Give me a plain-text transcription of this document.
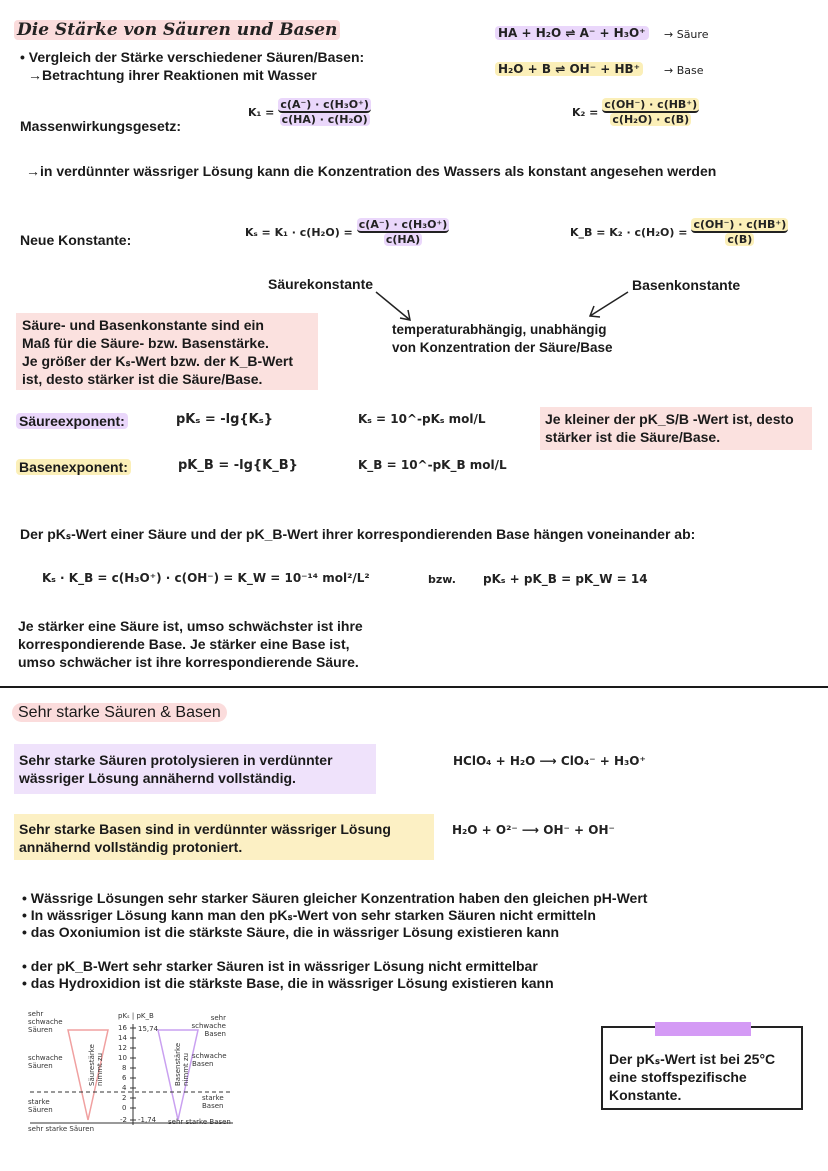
Die Stärke von Säuren und Basen
• Vergleich der Stärke verschiedener Säuren/Basen:
→Betrachtung ihrer Reaktionen mit Wasser
HA + H₂O ⇌ A⁻ + H₃O⁺ → Säure
H₂O + B ⇌ OH⁻ + HB⁺ → Base
Massenwirkungsgesetz:
$K_1 = \frac{\text{c(A⁻) · c(H₃O⁺)}}{\text{c(HA) · c(H₂O)}}$	$K_2 = \frac{c(OH^-) \cdot c(HB^+)}{\text{c(H₂O) · c(B)}}$
→in verdünnter wässriger Lösung kann die Konzentration des Wassers als konstant angesehen werden
Neue Konstante:	$K_s = K_1 \cdot c(H_2O) = \frac{\text{c(A⁻) · c(H₃O⁺)}}{c(HA)}$	K_B = $K_2 \cdot c(H_2O) = \frac{c(OH^-) \cdot c(HB^+)}{c(B)}$
Säurekonstante	Basenkonstante
temperaturabhängig, unabhängig
von Konzentration der Säure/Base
Säure- und Basenkonstante sind ein
Maß für die Säure- bzw. Basenstärke.
Je größer der Kₛ-Wert bzw. der K_B-Wert
ist, desto stärker ist die Säure/Base.
Säureexponent:	pKₛ = -lg{Kₛ}	Kₛ = 10^-pKₛ mol/L
Basenexponent:	pK_B = -lg{K_B}	K_B = 10^-pK_B mol/L
Je kleiner der pK_S/B -Wert ist, desto
stärker ist die Säure/Base.
Der pKₛ-Wert einer Säure und der pK_B-Wert ihrer korrespondierenden Base hängen voneinander ab:
Kₛ · K_B = c(H₃O⁺) · c(OH⁻) = K_W = 10⁻¹⁴ mol²/L²	bzw. pKₛ + pK_B = pK_W = 14
Je stärker eine Säure ist, umso schwächster ist ihre
korrespondierende Base. Je stärker eine Base ist,
umso schwächer ist ihre korrespondierende Säure.
Sehr starke Säuren & Basen
Sehr starke Säuren protolysieren in verdünnter
wässriger Lösung annähernd vollständig.
HClO₄ + H₂O ⟶ ClO₄⁻ + H₃O⁺
Sehr starke Basen sind in verdünnter wässriger Lösung
annähernd vollständig protoniert.
H₂O + O²⁻ ⟶ OH⁻ + OH⁻
• Wässrige Lösungen sehr starker Säuren gleicher Konzentration haben den gleichen pH-Wert
• In wässriger Lösung kann man den pKₛ-Wert von sehr starken Säuren nicht ermitteln
• das Oxoniumion ist die stärkste Säure, die in wässriger Lösung existieren kann
• der pK_B-Wert sehr starker Säuren ist in wässriger Lösung nicht ermittelbar
• das Hydroxidion ist die stärkste Base, die in wässriger Lösung existieren kann
sehr schwache Säuren
schwache Säuren
starke Säuren
sehr starke Säuren
sehr schwache Basen
schwache Basen
starke Basen
sehr starke Basen
pKₛ | pK_B
Säurestärke nimmt zu	Basenstärke nimmt zu
16
14
12
10
8
6
4
2
0
-2
15,74
-1,74
Der pKₛ-Wert ist bei 25°C
eine stoffspezifische
Konstante.
